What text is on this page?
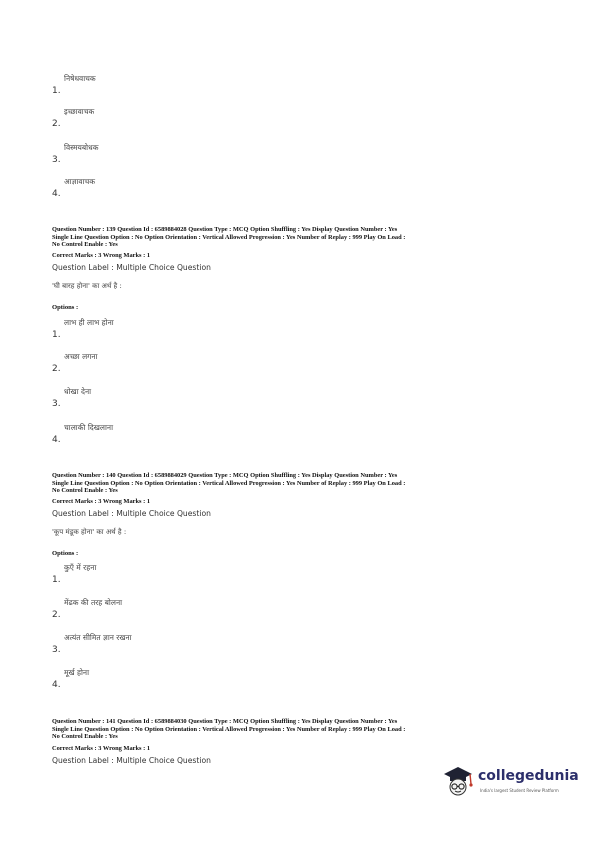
1.
निषेधवाचक
2.
इच्छावाचक
3.
विस्मयबोधक
4.
आज्ञावाचक
Question Number : 139 Question Id : 6589884028 Question Type : MCQ Option Shuffling : Yes Display Question Number : Yes
Single Line Question Option : No Option Orientation : Vertical Allowed Progression : Yes Number of Replay : 999 Play On Load :
No Control Enable : Yes
Correct Marks : 3 Wrong Marks : 1
Question Label : Multiple Choice Question
'घी बारह होना' का अर्थ है :
Options :
1.
लाभ ही लाभ होना
2.
अच्छा लगना
3.
धोखा देना
4.
चालाकी दिखलाना
Question Number : 140 Question Id : 6589884029 Question Type : MCQ Option Shuffling : Yes Display Question Number : Yes
Single Line Question Option : No Option Orientation : Vertical Allowed Progression : Yes Number of Replay : 999 Play On Load :
No Control Enable : Yes
Correct Marks : 3 Wrong Marks : 1
Question Label : Multiple Choice Question
'कूप मंडूक होना' का अर्थ है :
Options :
1.
कुएँ में रहना
2.
मेंढक की तरह बोलना
3.
अत्यंत सीमित ज्ञान रखना
4.
मूर्ख होना
Question Number : 141 Question Id : 6589884030 Question Type : MCQ Option Shuffling : Yes Display Question Number : Yes
Single Line Question Option : No Option Orientation : Vertical Allowed Progression : Yes Number of Replay : 999 Play On Load :
No Control Enable : Yes
Correct Marks : 3 Wrong Marks : 1
Question Label : Multiple Choice Question
collegedunia
India's largest Student Review Platform
